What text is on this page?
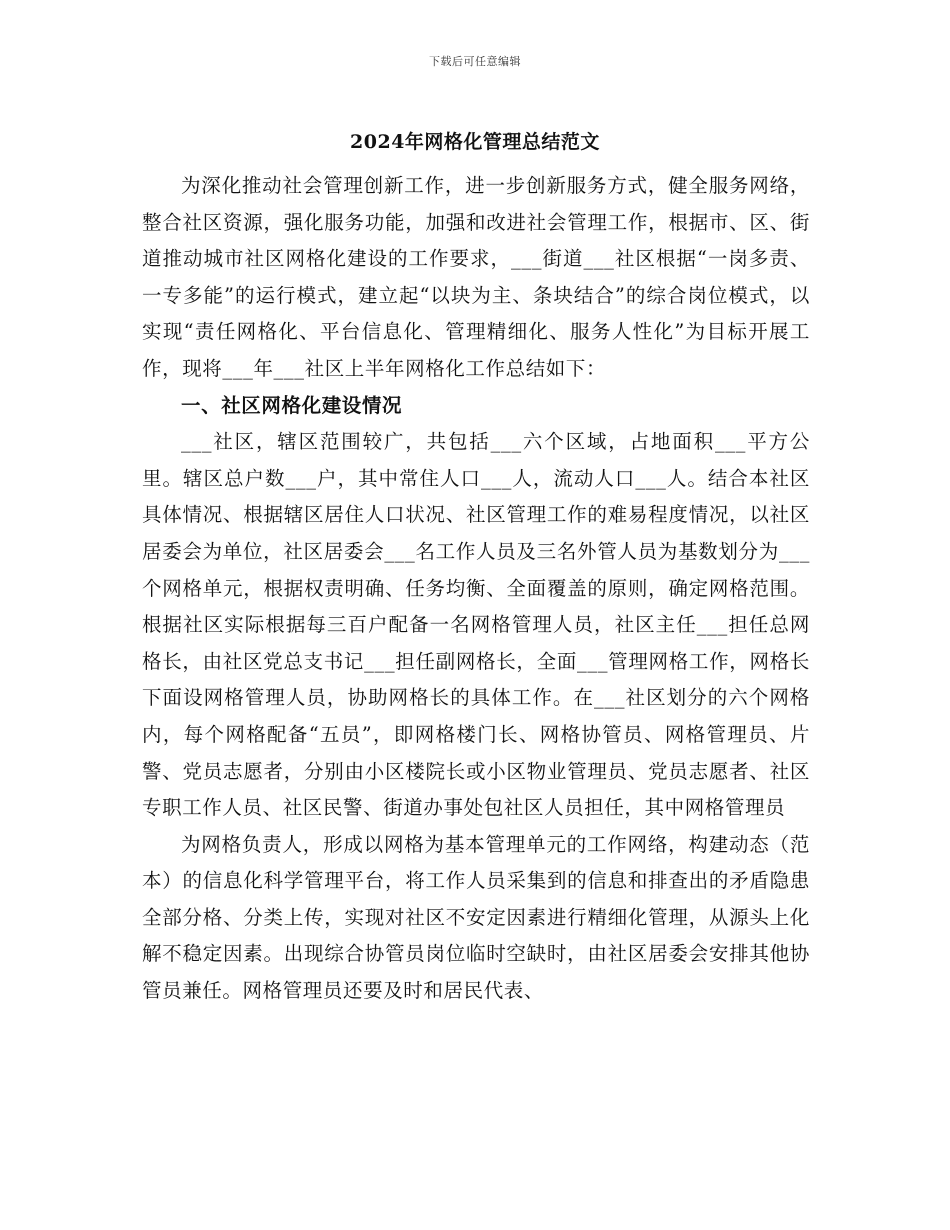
下载后可任意编辑
2024年网格化管理总结范文

为深化推动社会管理创新工作，进一步创新服务方式，健全服务网络，整合社区资源，强化服务功能，加强和改进社会管理工作，根据市、区、街道推动城市社区网格化建设的工作要求，___街道___社区根据“一岗多责、一专多能”的运行模式，建立起“以块为主、条块结合”的综合岗位模式，以实现“责任网格化、平台信息化、管理精细化、服务人性化”为目标开展工作，现将___年___社区上半年网格化工作总结如下：

一、社区网格化建设情况

___社区，辖区范围较广，共包括___六个区域，占地面积___平方公里。辖区总户数___户，其中常住人口___人，流动人口___人。结合本社区具体情况、根据辖区居住人口状况、社区管理工作的难易程度情况，以社区居委会为单位，社区居委会___名工作人员及三名外管人员为基数划分为___个网格单元，根据权责明确、任务均衡、全面覆盖的原则，确定网格范围。根据社区实际根据每三百户配备一名网格管理人员，社区主任___担任总网格长，由社区党总支书记___担任副网格长，全面___管理网格工作，网格长下面设网格管理人员，协助网格长的具体工作。在___社区划分的六个网格内，每个网格配备“五员”，即网格楼门长、网格协管员、网格管理员、片警、党员志愿者，分别由小区楼院长或小区物业管理员、党员志愿者、社区专职工作人员、社区民警、街道办事处包社区人员担任，其中网格管理员

为网格负责人，形成以网格为基本管理单元的工作网络，构建动态（范本）的信息化科学管理平台，将工作人员采集到的信息和排查出的矛盾隐患全部分格、分类上传，实现对社区不安定因素进行精细化管理，从源头上化解不稳定因素。出现综合协管员岗位临时空缺时，由社区居委会安排其他协管员兼任。网格管理员还要及时和居民代表、
